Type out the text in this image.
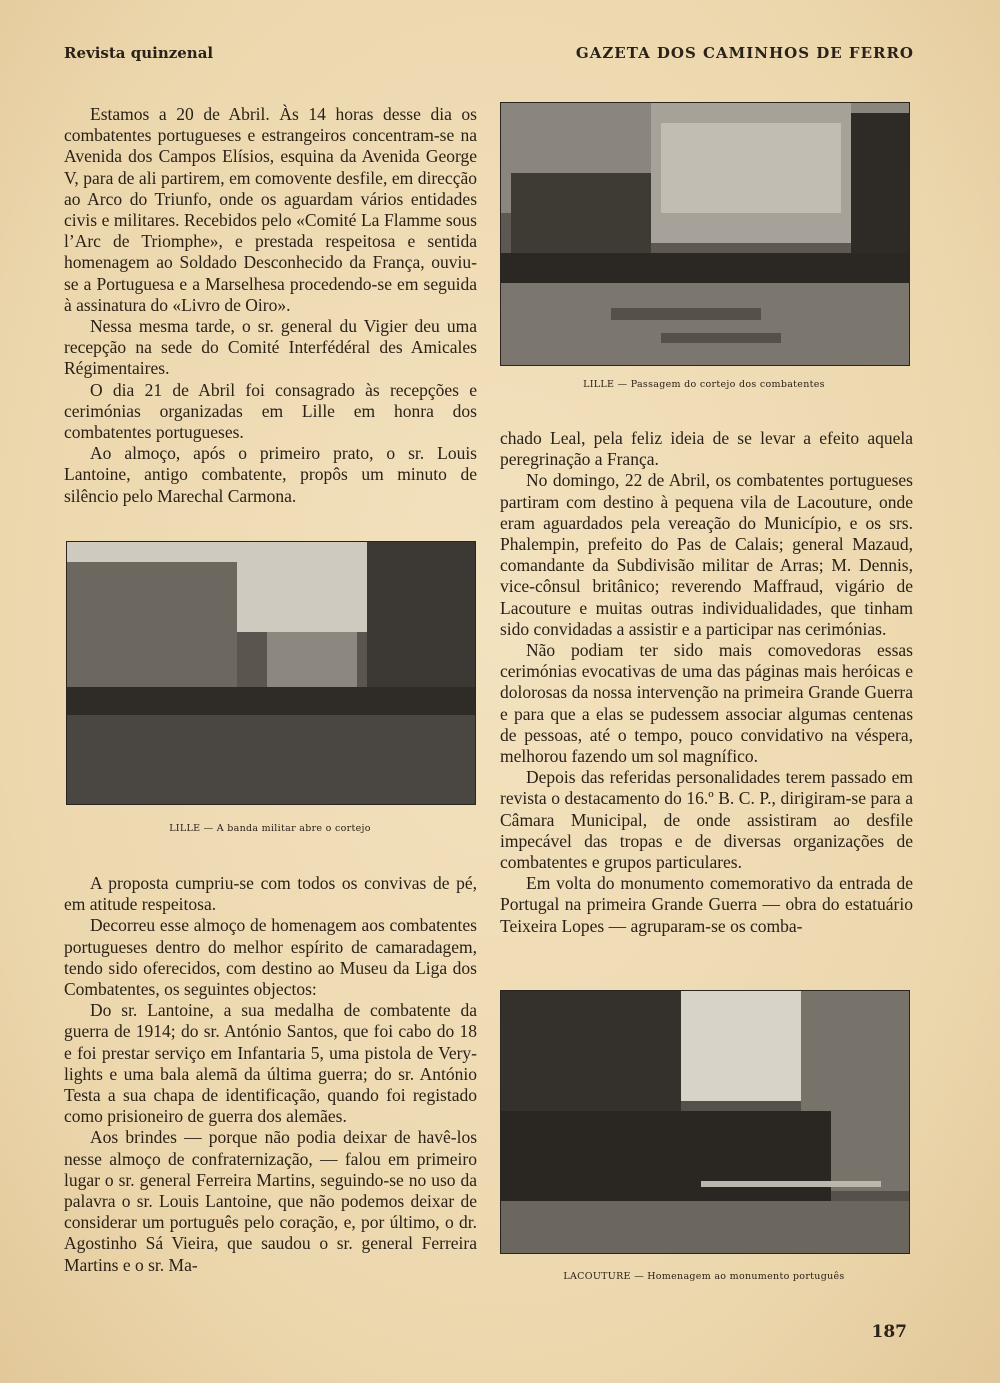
Revista quinzenal	GAZETA DOS CAMINHOS DE FERRO

Estamos a 20 de Abril. Às 14 horas desse dia os combatentes portugueses e estrangeiros concentram-se na Avenida dos Campos Elísios, esquina da Avenida George V, para de ali partirem, em comovente desfile, em direcção ao Arco do Triunfo, onde os aguardam vários entidades civis e militares. Recebidos pelo «Comité La Flamme sous l’Arc de Triomphe», e prestada respeitosa e sentida homenagem ao Soldado Desconhecido da França, ouviu-se a Portuguesa e a Marselhesa procedendo-se em seguida à assinatura do «Livro de Oiro».

Nessa mesma tarde, o sr. general du Vigier deu uma recepção na sede do Comité Interfédéral des Amicales Régimentaires.

O dia 21 de Abril foi consagrado às recepções e cerimónias organizadas em Lille em honra dos combatentes portugueses.

Ao almoço, após o primeiro prato, o sr. Louis Lantoine, antigo combatente, propôs um minuto de silêncio pelo Marechal Carmona.

LILLE — Passagem do cortejo dos combatentes
LILLE — A banda militar abre o cortejo

A proposta cumpriu-se com todos os convivas de pé, em atitude respeitosa.

Decorreu esse almoço de homenagem aos combatentes portugueses dentro do melhor espírito de camaradagem, tendo sido oferecidos, com destino ao Museu da Liga dos Combatentes, os seguintes objectos:

Do sr. Lantoine, a sua medalha de combatente da guerra de 1914; do sr. António Santos, que foi cabo do 18 e foi prestar serviço em Infantaria 5, uma pistola de Very-lights e uma bala alemã da última guerra; do sr. António Testa a sua chapa de identificação, quando foi registado como prisioneiro de guerra dos alemães.

Aos brindes — porque não podia deixar de havê-los nesse almoço de confraternização, — falou em primeiro lugar o sr. general Ferreira Martins, seguindo-se no uso da palavra o sr. Louis Lantoine, que não podemos deixar de considerar um português pelo coração, e, por último, o dr. Agostinho Sá Vieira, que saudou o sr. general Ferreira Martins e o sr. Ma-

chado Leal, pela feliz ideia de se levar a efeito aquela peregrinação a França.

No domingo, 22 de Abril, os combatentes portugueses partiram com destino à pequena vila de Lacouture, onde eram aguardados pela vereação do Município, e os srs. Phalempin, prefeito do Pas de Calais; general Mazaud, comandante da Subdivisão militar de Arras; M. Dennis, vice-cônsul britânico; reverendo Maffraud, vigário de Lacouture e muitas outras individualidades, que tinham sido convidadas a assistir e a participar nas cerimónias.

Não podiam ter sido mais comovedoras essas cerimónias evocativas de uma das páginas mais heróicas e dolorosas da nossa intervenção na primeira Grande Guerra e para que a elas se pudessem associar algumas centenas de pessoas, até o tempo, pouco convidativo na véspera, melhorou fazendo um sol magnífico.

Depois das referidas personalidades terem passado em revista o destacamento do 16.º B. C. P., dirigiram-se para a Câmara Municipal, de onde assistiram ao desfile impecável das tropas e de diversas organizações de combatentes e grupos particulares.

Em volta do monumento comemorativo da entrada de Portugal na primeira Grande Guerra — obra do estatuário Teixeira Lopes — agruparam-se os comba-

LACOUTURE — Homenagem ao monumento português
187
